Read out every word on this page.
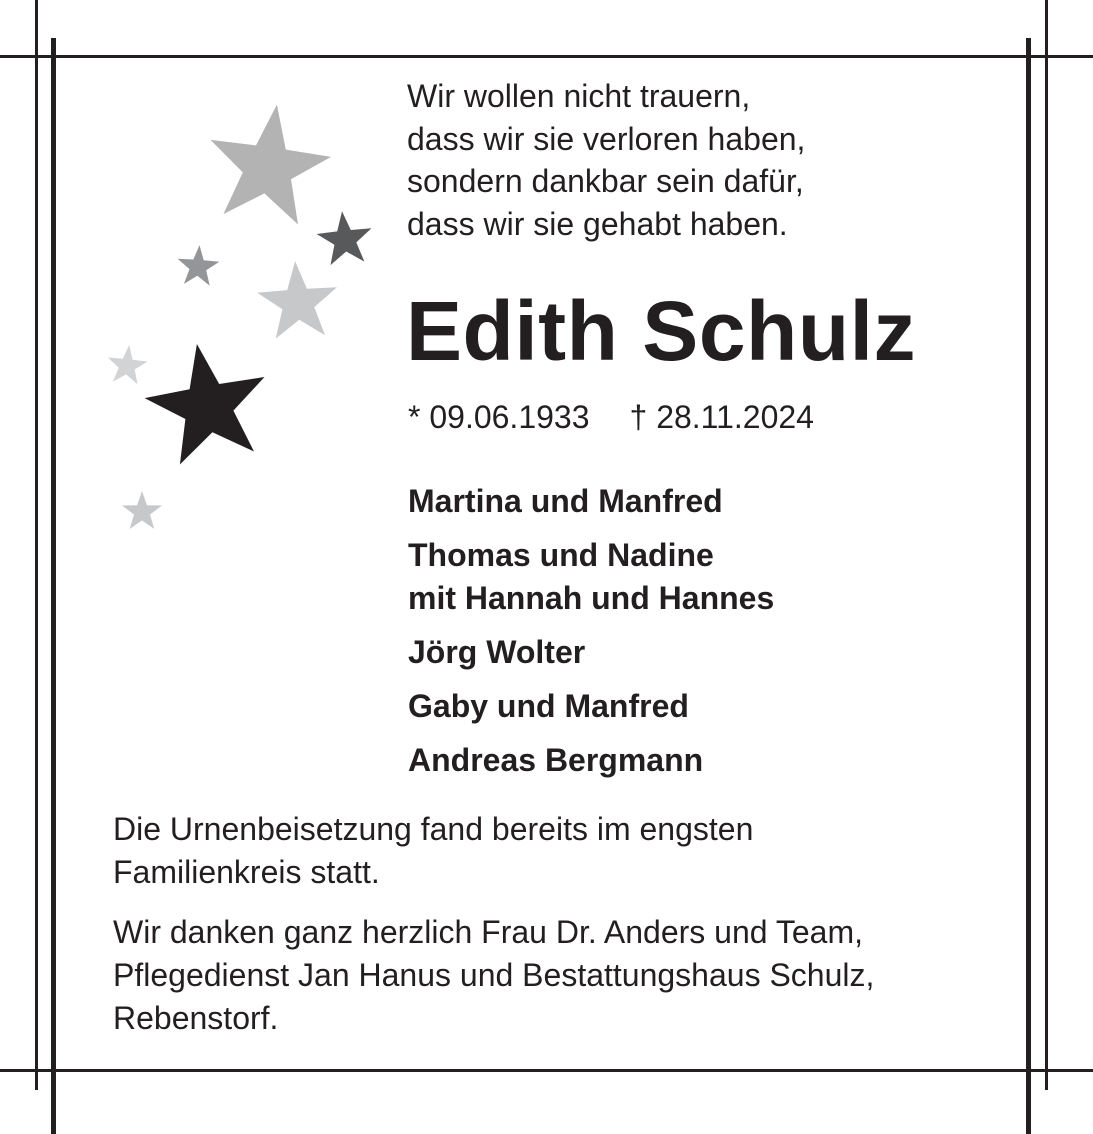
Wir wollen nicht trauern,
dass wir sie verloren haben,
sondern dankbar sein dafür,
dass wir sie gehabt haben.

Edith Schulz
* 09.06.1933 † 28.11.2024
Martina und Manfred
Thomas und Nadine
mit Hannah und Hannes
Jörg Wolter
Gaby und Manfred
Andreas Bergmann

Die Urnenbeisetzung fand bereits im engsten
Familienkreis statt.

Wir danken ganz herzlich Frau Dr. Anders und Team,
Pflegedienst Jan Hanus und Bestattungshaus Schulz,
Rebenstorf.
